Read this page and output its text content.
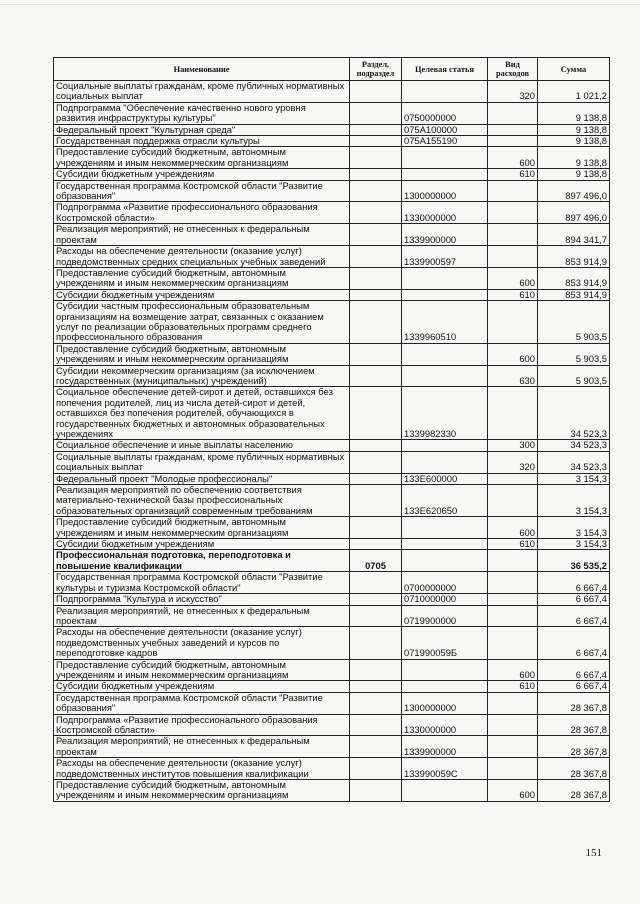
Наименование	Раздел, подраздел	Целевая статья	Вид расходов	Сумма
Социальные выплаты гражданам, кроме публичных нормативных социальных выплат			320	1 021,2
Подпрограмма "Обеспечение качественно нового уровня развития инфраструктуры культуры"		0750000000		9 138,8
Федеральный проект "Культурная среда"		075A100000		9 138,8
Государственная поддержка отрасли культуры		075A155190		9 138,8
Предоставление субсидий бюджетным, автономным учреждениям и иным некоммерческим организациям			600	9 138,8
Субсидии бюджетным учреждениям			610	9 138,8
Государственная программа Костромской области "Развитие образования"		1300000000		897 496,0
Подпрограмма «Развитие профессионального образования Костромской области»		1330000000		897 496,0
Реализация мероприятий, не отнесенных к федеральным проектам		1339900000		894 341,7
Расходы на обеспечение деятельности (оказание услуг) подведомственных средних специальных учебных заведений		1339900597		853 914,9
Предоставление субсидий бюджетным, автономным учреждениям и иным некоммерческим организациям			600	853 914,9
Субсидии бюджетным учреждениям			610	853 914,9
Субсидии частным профессиональным образовательным организациям на возмещение затрат, связанных с оказанием услуг по реализации образовательных программ среднего профессионального образования		1339960510		5 903,5
Предоставление субсидий бюджетным, автономным учреждениям и иным некоммерческим организациям			600	5 903,5
Субсидии некоммерческим организациям (за исключением государственных (муниципальных) учреждений)			630	5 903,5
Социальное обеспечение детей-сирот и детей, оставшихся без попечения родителей, лиц из числа детей-сирот и детей, оставшихся без попечения родителей, обучающихся в государственных бюджетных и автономных образовательных учреждениях		1339982330		34 523,3
Социальное обеспечение и иные выплаты населению			300	34 523,3
Социальные выплаты гражданам, кроме публичных нормативных социальных выплат			320	34 523,3
Федеральный проект "Молодые профессионалы"		133E600000		3 154,3
Реализация мероприятий по обеспечению соответствия материально-технической базы профессиональных образовательных организаций современным требованиям		133E620650		3 154,3
Предоставление субсидий бюджетным, автономным учреждениям и иным некоммерческим организациям			600	3 154,3
Субсидии бюджетным учреждениям			610	3 154,3
Профессиональная подготовка, переподготовка и повышение квалификации	0705			36 535,2
Государственная программа Костромской области "Развитие культуры и туризма Костромской области"		0700000000		6 667,4
Подпрограмма "Культура и искусство"		0710000000		6 667,4
Реализация мероприятий, не отнесенных к федеральным проектам		0719900000		6 667,4
Расходы на обеспечение деятельности (оказание услуг) подведомственных учебных заведений и курсов по переподготовке кадров		071990059Б		6 667,4
Предоставление субсидий бюджетным, автономным учреждениям и иным некоммерческим организациям			600	6 667,4
Субсидии бюджетным учреждениям			610	6 667,4
Государственная программа Костромской области "Развитие образования"		1300000000		28 367,8
Подпрограмма «Развитие профессионального образования Костромской области»		1330000000		28 367,8
Реализация мероприятий, не отнесенных к федеральным проектам		1339900000		28 367,8
Расходы на обеспечение деятельности (оказание услуг) подведомственных институтов повышения квалификации		133990059С		28 367,8
Предоставление субсидий бюджетным, автономным учреждениям и иным некоммерческим организациям			600	28 367,8
151
